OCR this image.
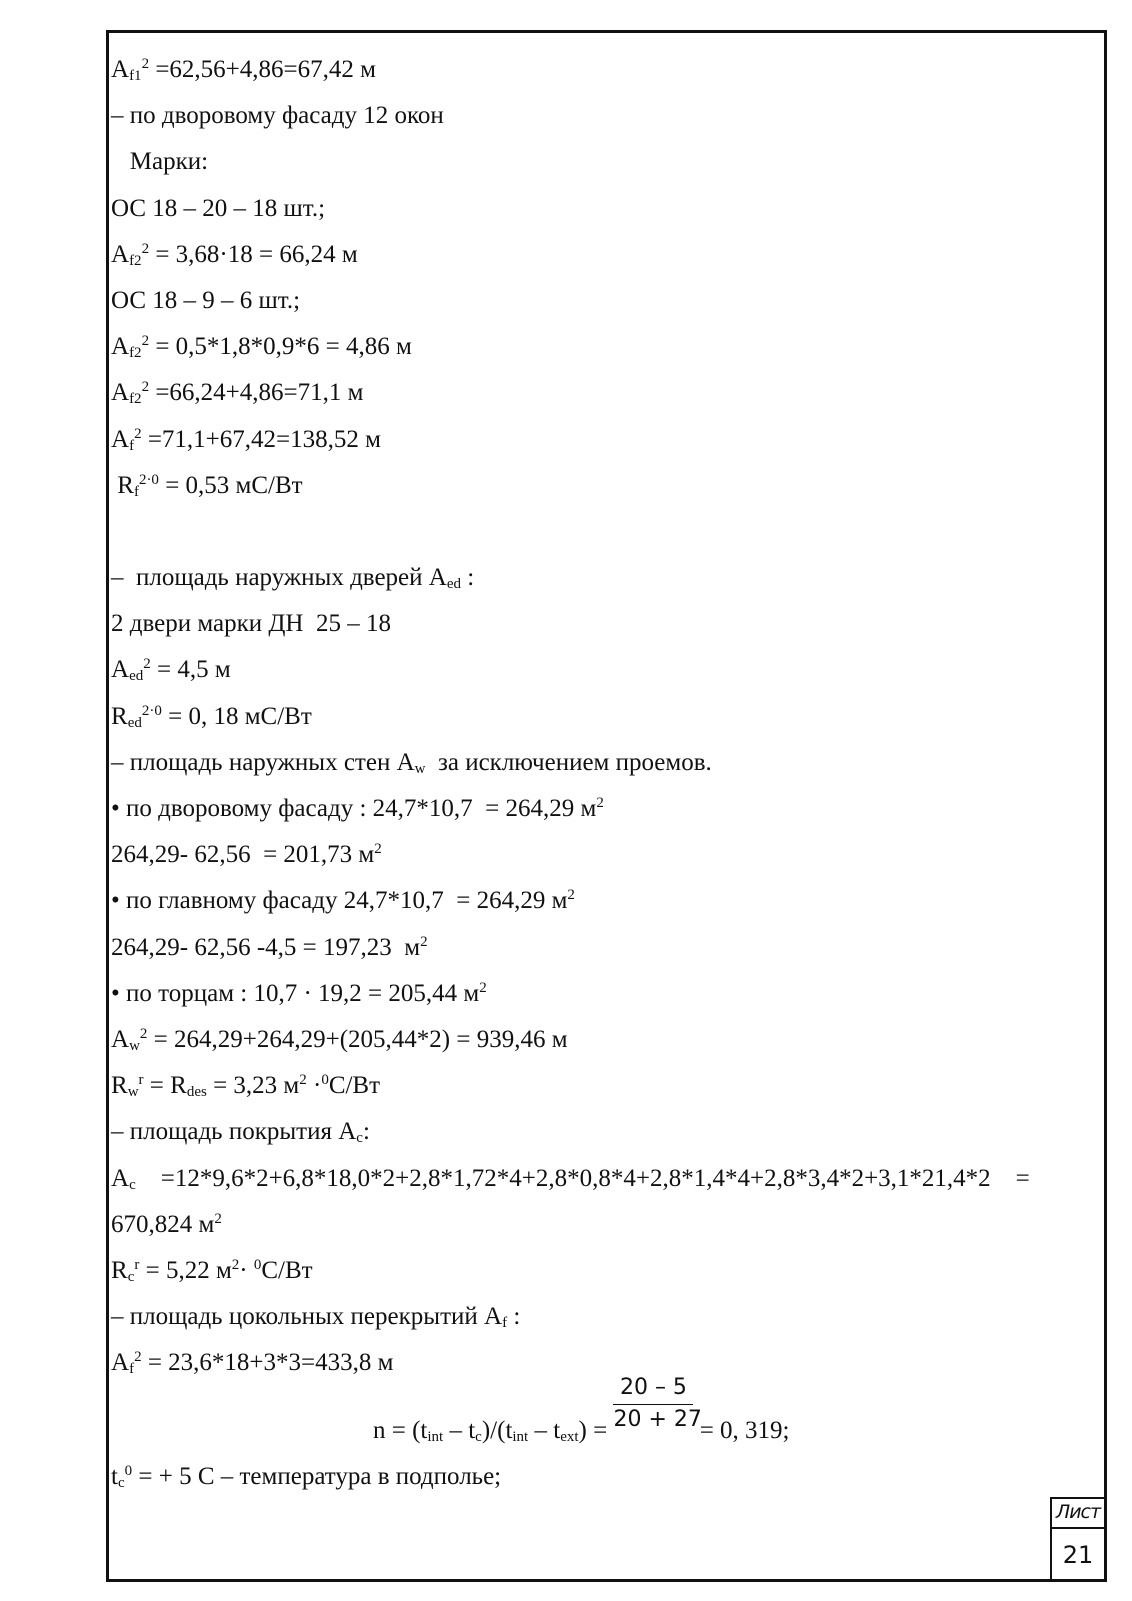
$A_{f1}^2 =62,56+4,86=67,42$ м
– по дворовому фасаду 12 окон
Марки:
ОС 18 – 20 – 18 шт.;
$A_{f2}^2 = 3,68\cdot 18 = 66,24$ м
ОС 18 – 9 – 6 шт.;
$A_{f2}^2 = 0,5*1,8*0,9*6 = 4,86$ м
$A_{f2}^2 =66,24+4,86=71,1$ м
$A_f^2 =71,1+67,42=138,52$ м
$R_f^{2\cdot 0} = 0,53$ мС/Вт
–  площадь наружных дверей $A_{ed}$ :
2 двери марки ДН  25 – 18
$A_{ed}^2 = 4,5$ м
$R_{ed}^{2\cdot 0} = 0$, 18 мС/Вт
– площадь наружных стен $A_w$  за исключением проемов.
• по дворовому фасаду : 24,7*10,7  = 264,29 $м^2$
264,29- 62,56  = 201,73 $м^2$
• по главному фасаду 24,7*10,7  = 264,29 $м^2$
264,29- 62,56 -4,5 = 197,23  $м^2$
• по торцам : 10,7 · 19,2 = 205,44 $м^2$
$A_w^2 = 264,29+264,29+(205,44*2) = 939,46$ м
$R_w^r = R_{des} = 3,23$ $м^2 \cdot^0С/Вт$
– площадь покрытия $A_c$:
$A_c$    =12*9,6*2+6,8*18,0*2+2,8*1,72*4+2,8*0,8*4+2,8*1,4*4+2,8*3,4*2+3,1*21,4*2    =
670,824 $м^2$
$R_c^r = 5,22$ $м^2\cdot ^0С/Вт$
– площадь цокольных перекрытий $A_f$ :
$A_f^2 = 23,6*18+3*3=433,8$ м
$n = (t_{int} - t_c)/(t_{int} - t_{ext}) = \frac{20 - 5}{20 + 27} = 0$, 319;
$t_c^0$ = + 5 С – температура в подполье;
Лист
21
